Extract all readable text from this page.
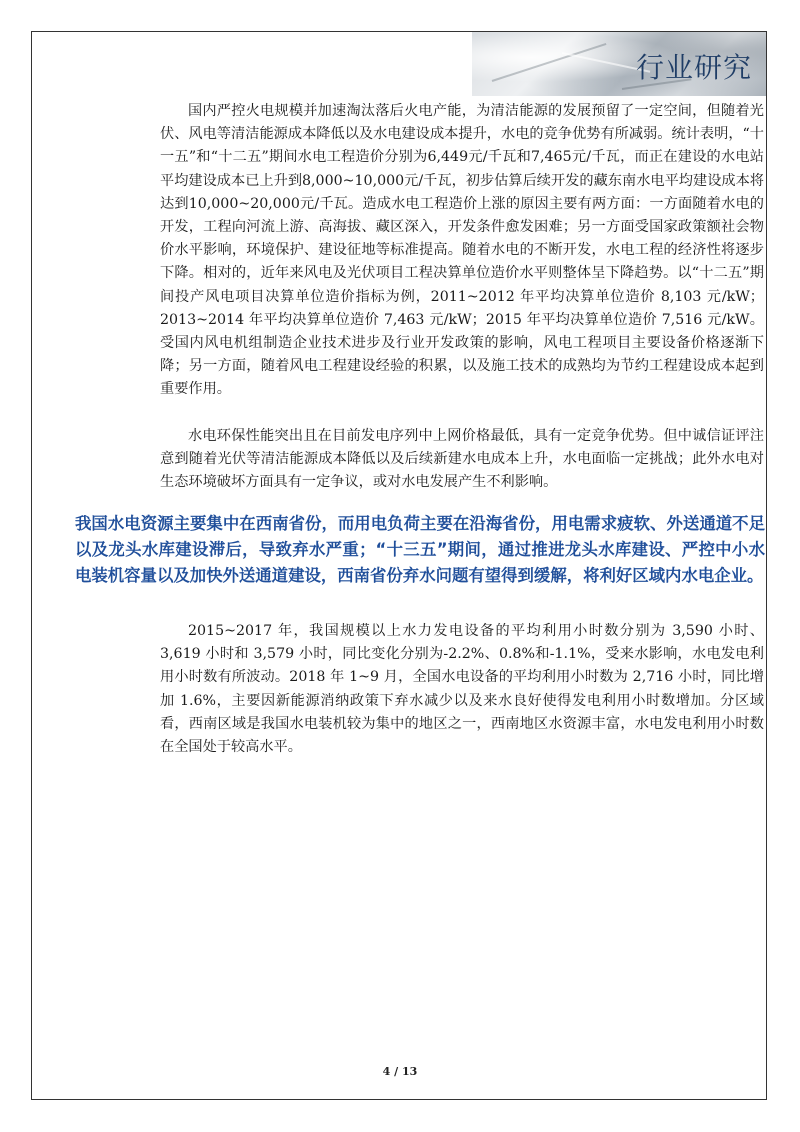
行业研究

国内严控火电规模并加速淘汰落后火电产能，为清洁能源的发展预留了一定空间，但随着光伏、风电等清洁能源成本降低以及水电建设成本提升，水电的竞争优势有所减弱。统计表明，“十一五”和“十二五”期间水电工程造价分别为6,449元/千瓦和7,465元/千瓦，而正在建设的水电站平均建设成本已上升到8,000~10,000元/千瓦，初步估算后续开发的藏东南水电平均建设成本将达到10,000~20,000元/千瓦。造成水电工程造价上涨的原因主要有两方面：一方面随着水电的开发，工程向河流上游、高海拔、藏区深入，开发条件愈发困难；另一方面受国家政策额社会物价水平影响，环境保护、建设征地等标准提高。随着水电的不断开发，水电工程的经济性将逐步下降。相对的，近年来风电及光伏项目工程决算单位造价水平则整体呈下降趋势。以“十二五”期间投产风电项目决算单位造价指标为例，2011~2012 年平均决算单位造价 8,103 元/kW；2013~2014 年平均决算单位造价 7,463 元/kW；2015 年平均决算单位造价 7,516 元/kW。受国内风电机组制造企业技术进步及行业开发政策的影响，风电工程项目主要设备价格逐渐下降；另一方面，随着风电工程建设经验的积累，以及施工技术的成熟均为节约工程建设成本起到重要作用。

水电环保性能突出且在目前发电序列中上网价格最低，具有一定竞争优势。但中诚信证评注意到随着光伏等清洁能源成本降低以及后续新建水电成本上升，水电面临一定挑战；此外水电对生态环境破坏方面具有一定争议，或对水电发展产生不利影响。

我国水电资源主要集中在西南省份，而用电负荷主要在沿海省份，用电需求疲软、外送通道不足以及龙头水库建设滞后，导致弃水严重；“十三五”期间，通过推进龙头水库建设、严控中小水电装机容量以及加快外送通道建设，西南省份弃水问题有望得到缓解，将利好区域内水电企业。

2015~2017 年，我国规模以上水力发电设备的平均利用小时数分别为 3,590 小时、3,619 小时和 3,579 小时，同比变化分别为-2.2%、0.8%和-1.1%，受来水影响，水电发电利用小时数有所波动。2018 年 1~9 月，全国水电设备的平均利用小时数为 2,716 小时，同比增加 1.6%，主要因新能源消纳政策下弃水减少以及来水良好使得发电利用小时数增加。分区域看，西南区域是我国水电装机较为集中的地区之一，西南地区水资源丰富，水电发电利用小时数在全国处于较高水平。

4 / 13
